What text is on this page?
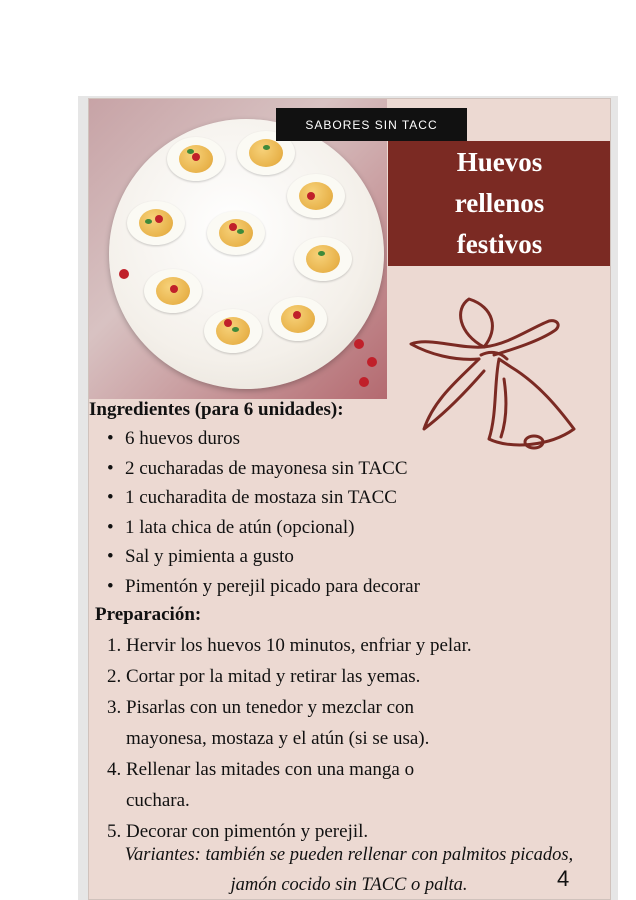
SABORES SIN TACC
Huevos
rellenos
festivos
Ingredientes (para 6 unidades):
• 6 huevos duros
• 2 cucharadas de mayonesa sin TACC
• 1 cucharadita de mostaza sin TACC
• 1 lata chica de atún (opcional)
• Sal y pimienta a gusto
• Pimentón y perejil picado para decorar
Preparación:
1. Hervir los huevos 10 minutos, enfriar y pelar.
2. Cortar por la mitad y retirar las yemas.
3. Pisarlas con un tenedor y mezclar con mayonesa, mostaza y el atún (si se usa).
4. Rellenar las mitades con una manga o cuchara.
5. Decorar con pimentón y perejil.
Variantes: también se pueden rellenar con palmitos picados, jamón cocido sin TACC o palta.	4
